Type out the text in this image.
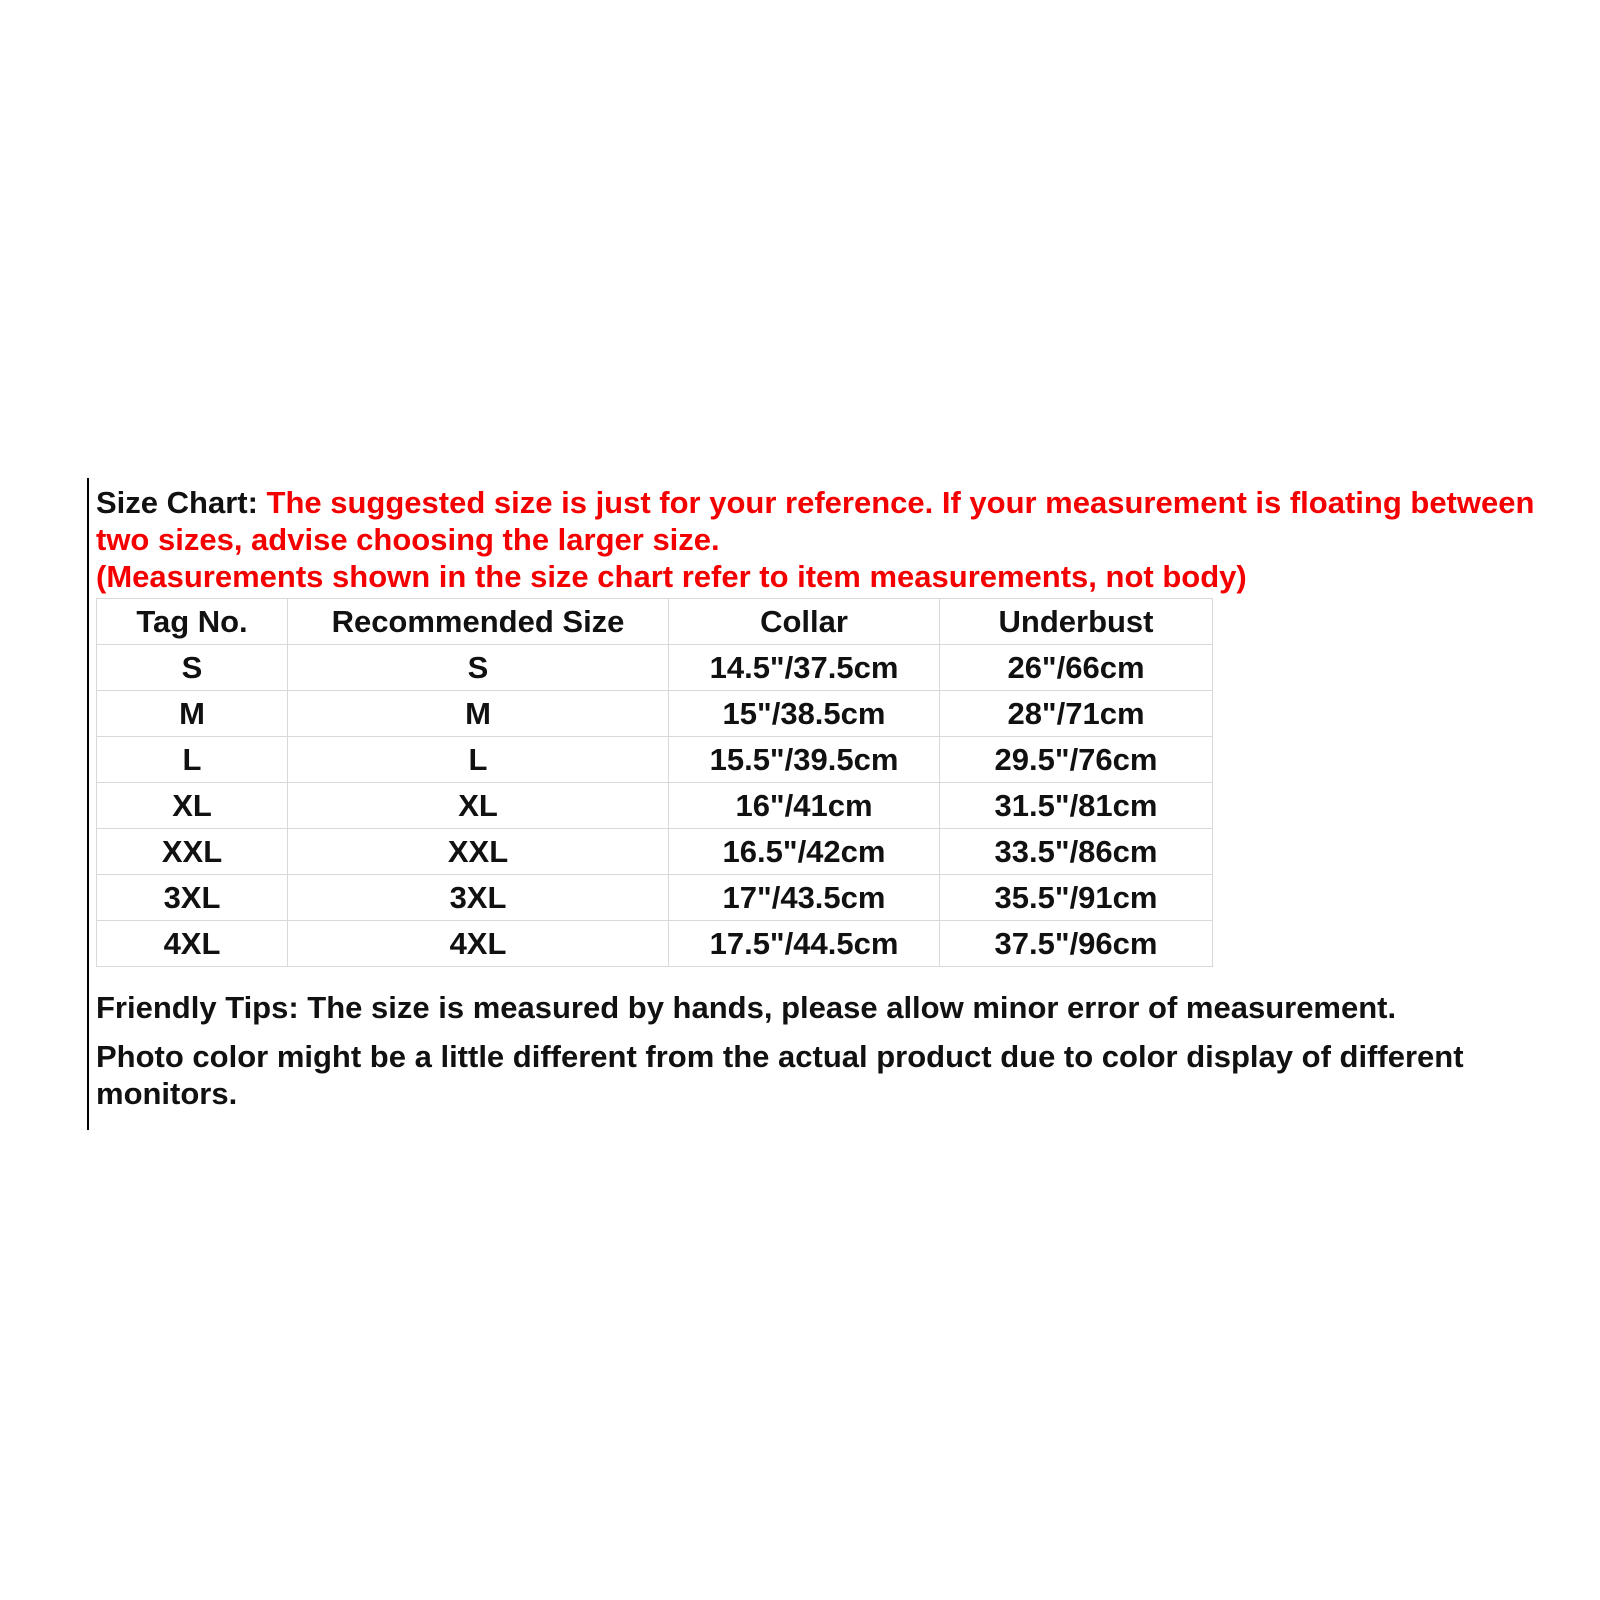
Size Chart: The suggested size is just for your reference. If your measurement is floating between two sizes, advise choosing the larger size.

(Measurements shown in the size chart refer to item measurements, not body)

Tag No.	Recommended Size	Collar	Underbust
S	S	14.5"/37.5cm	26"/66cm
M	M	15"/38.5cm	28"/71cm
L	L	15.5"/39.5cm	29.5"/76cm
XL	XL	16"/41cm	31.5"/81cm
XXL	XXL	16.5"/42cm	33.5"/86cm
3XL	3XL	17"/43.5cm	35.5"/91cm
4XL	4XL	17.5"/44.5cm	37.5"/96cm

Friendly Tips: The size is measured by hands, please allow minor error of measurement.

Photo color might be a little different from the actual product due to color display of different monitors.
